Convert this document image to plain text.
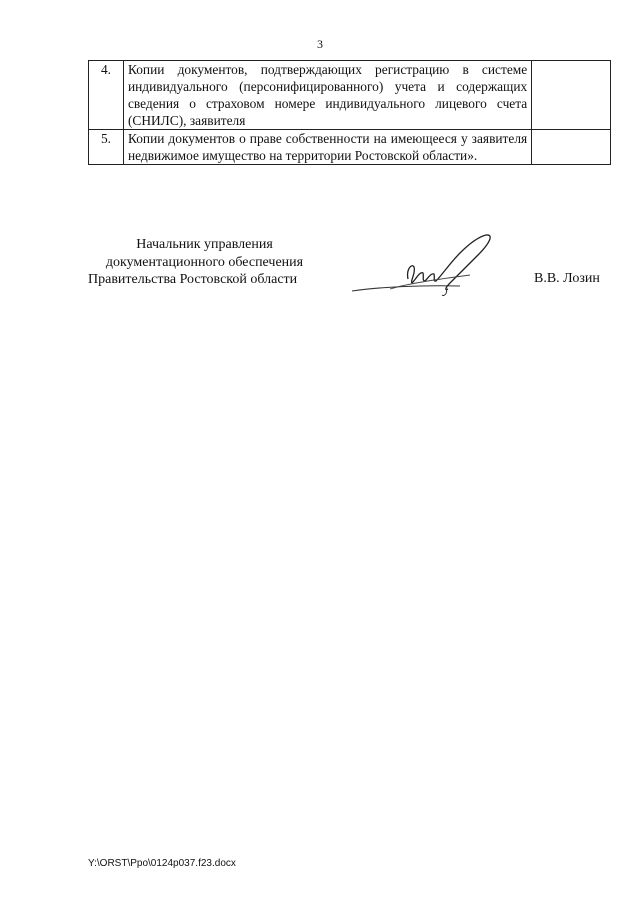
3
4.	Копии документов, подтверждающих регистрацию в системе индивидуального (персонифицированного) учета и содержащих сведения о страховом номере индивидуального лицевого счета (СНИЛС), заявителя	
5.	Копии документов о праве собственности на имеющееся у заявителя недвижимое имущество на территории Ростовской области».	
Начальник управления
документационного обеспечения
Правительства Ростовской области	В.В. Лозин
Y:\ORST\Ppo\0124p037.f23.docx
